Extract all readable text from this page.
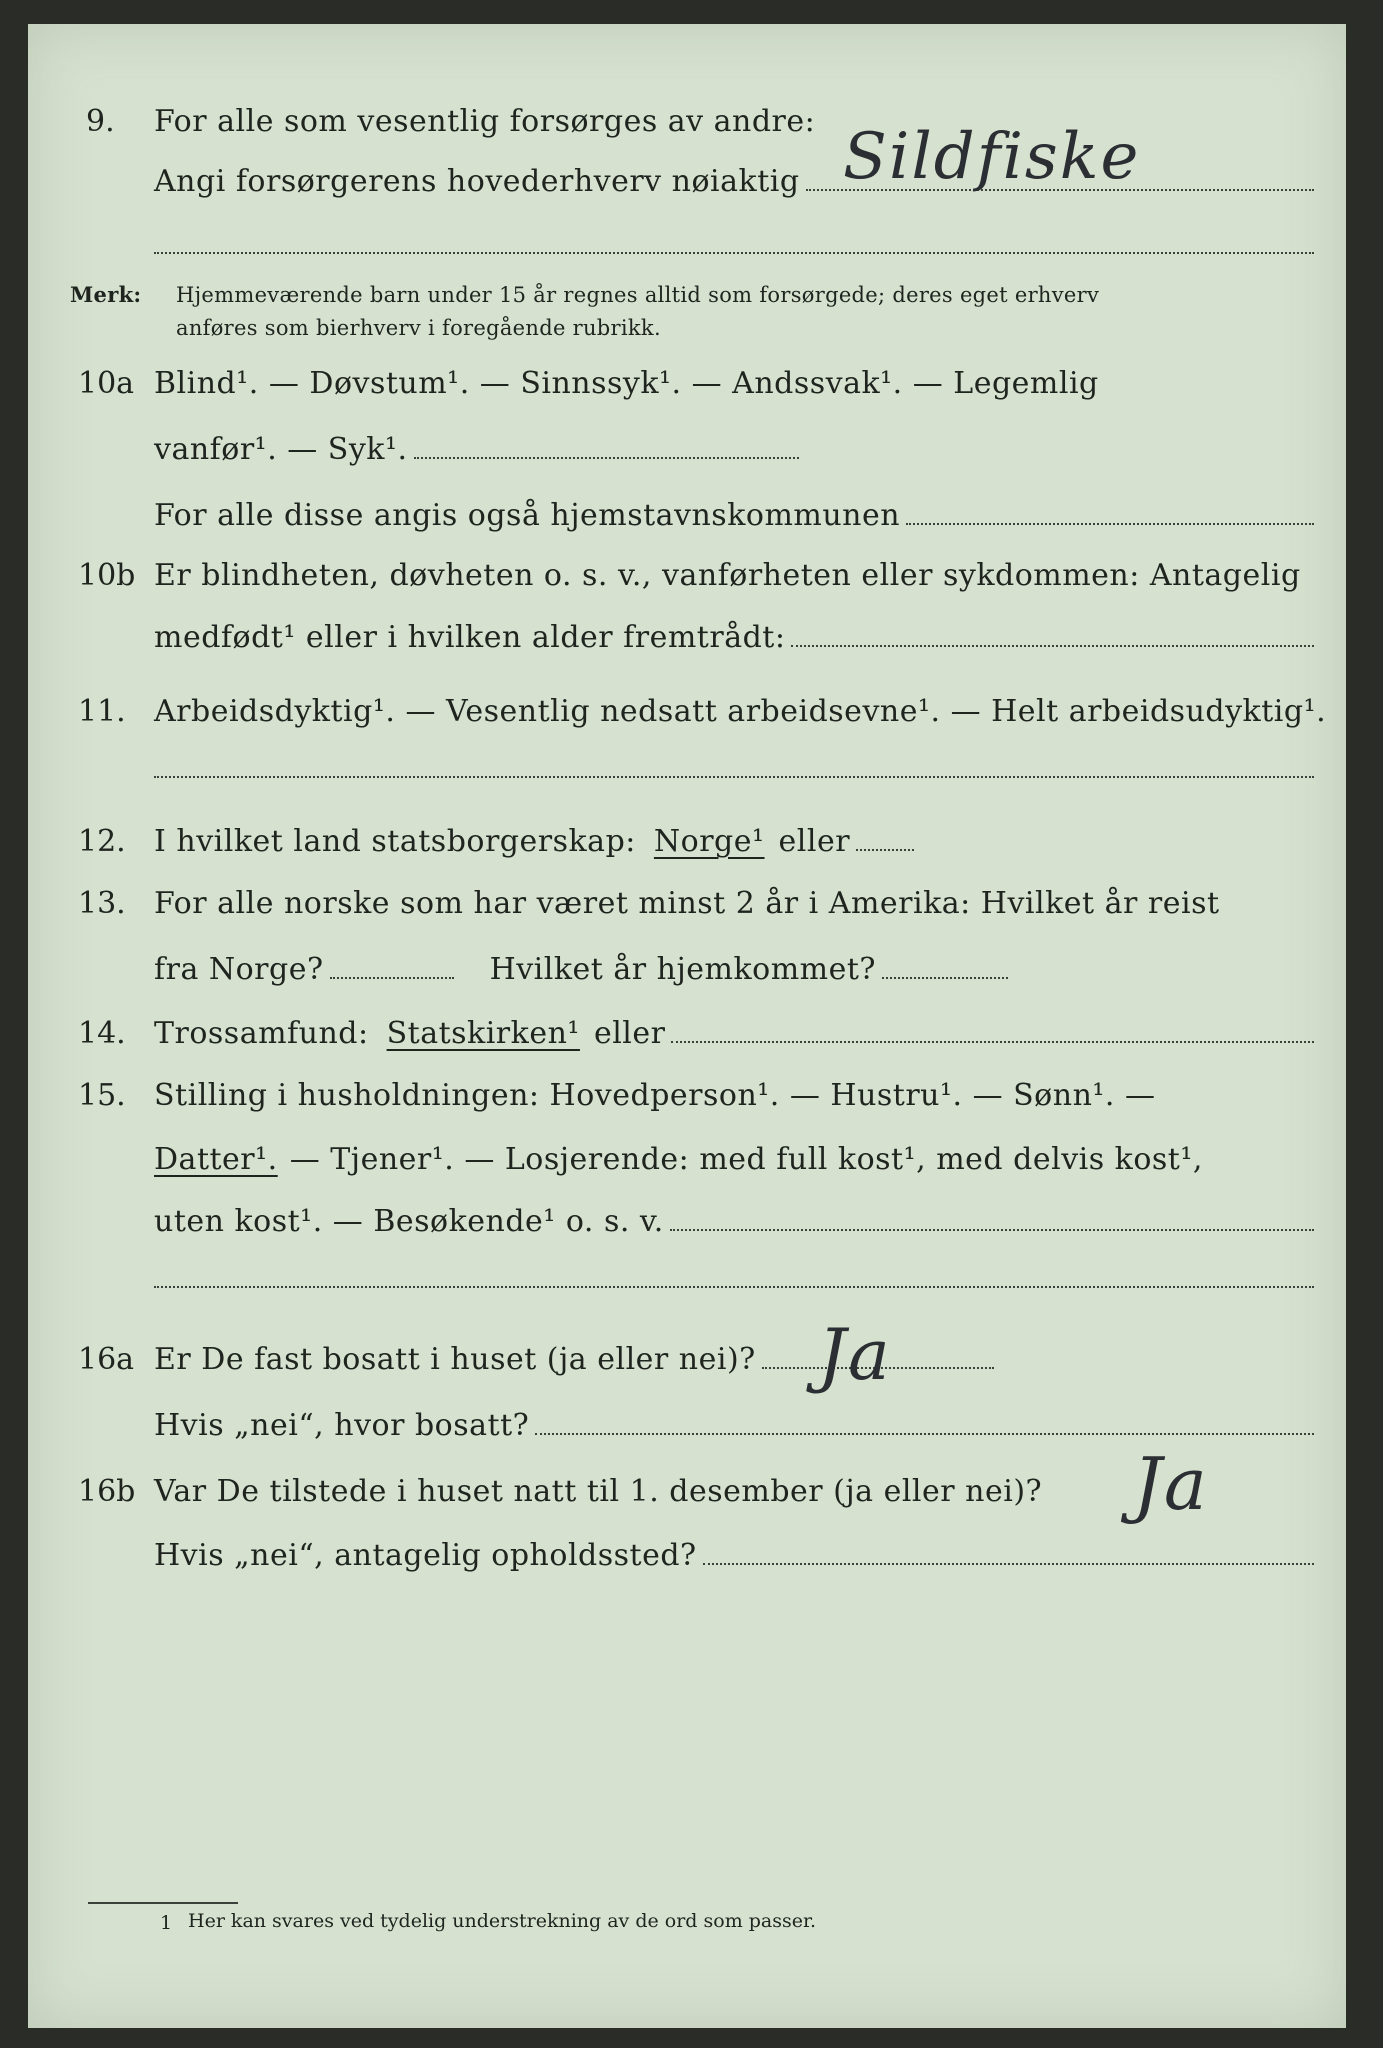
9. For alle som vesentlig forsørges av andre:
Angi forsørgerens hovederhverv nøiaktig Sildfiske
Merk:	Hjemmeværende barn under 15 år regnes alltid som forsørgede; deres eget erhverv
anføres som bierhverv i foregående rubrikk.
10a Blind¹. — Døvstum¹. — Sinnssyk¹. — Andssvak¹. — Legemlig
vanfør¹. — Syk¹.
For alle disse angis også hjemstavnskommunen
10b Er blindheten, døvheten o. s. v., vanførheten eller sykdommen: Antagelig
medfødt¹ eller i hvilken alder fremtrådt:
11. Arbeidsdyktig¹. — Vesentlig nedsatt arbeidsevne¹. — Helt arbeidsudyktig¹.
12. I hvilket land statsborgerskap: Norge¹ eller
13. For alle norske som har været minst 2 år i Amerika: Hvilket år reist
fra Norge?	Hvilket år hjemkommet?
14. Trossamfund: Statskirken¹ eller
15. Stilling i husholdningen: Hovedperson¹. — Hustru¹. — Sønn¹. —
Datter¹. — Tjener¹. — Losjerende: med full kost¹, med delvis kost¹,
uten kost¹. — Besøkende¹ o. s. v.
16a Er De fast bosatt i huset (ja eller nei)? Ja
Hvis „nei“, hvor bosatt?
16b Var De tilstede i huset natt til 1. desember (ja eller nei)? Ja
Hvis „nei“, antagelig opholdssted?
1 Her kan svares ved tydelig understrekning av de ord som passer.
